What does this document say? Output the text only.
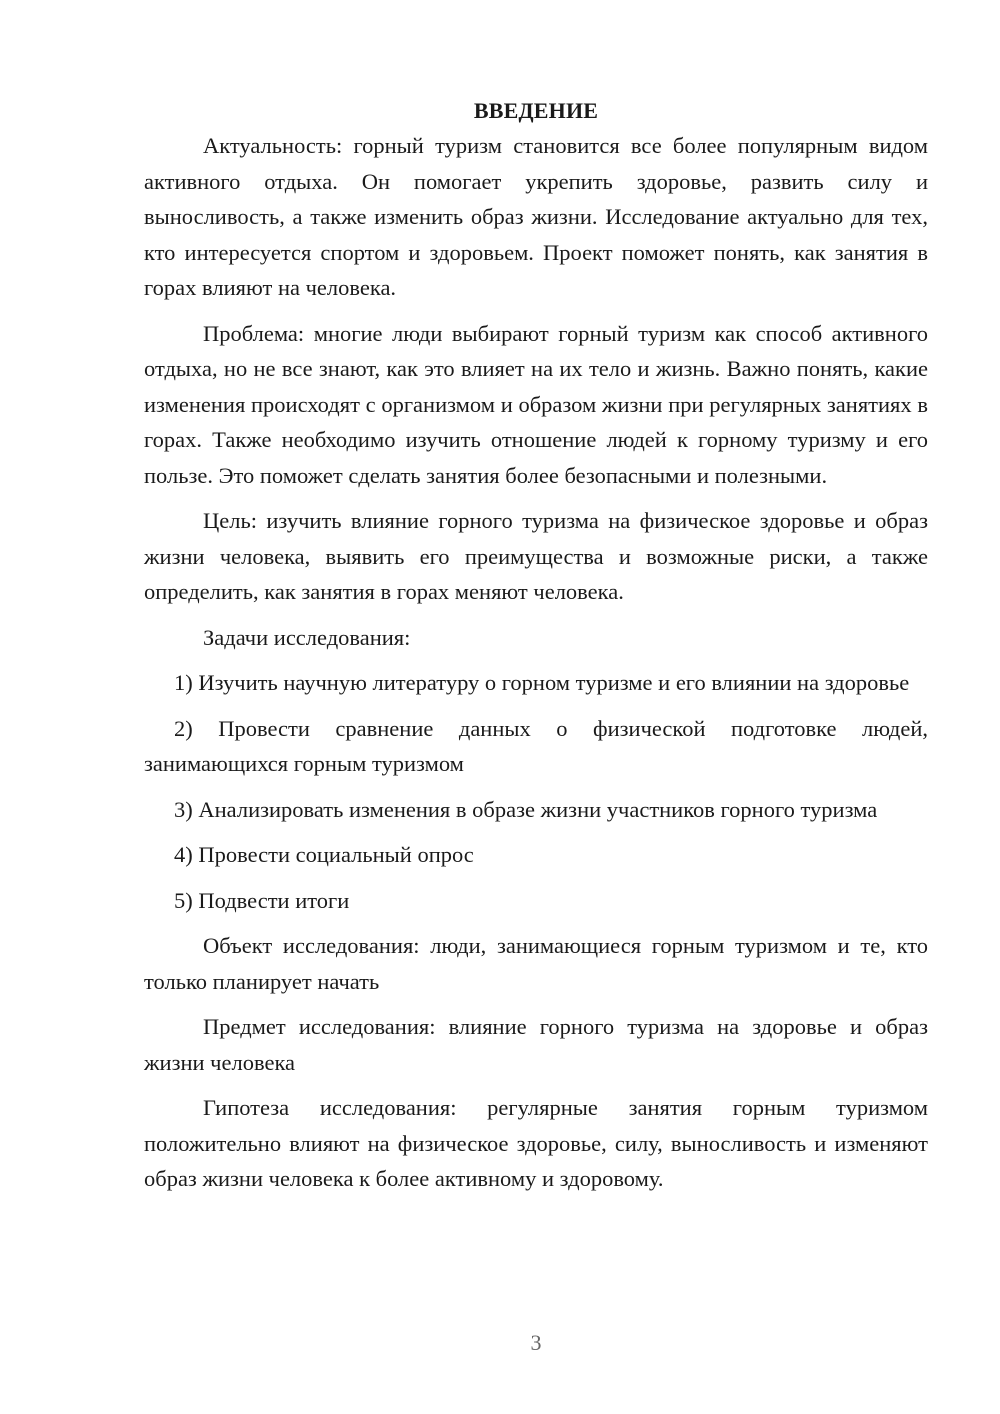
ВВЕДЕНИЕ

Актуальность: горный туризм становится все более популярным видом активного отдыха. Он помогает укрепить здоровье, развить силу и выносливость, а также изменить образ жизни. Исследование актуально для тех, кто интересуется спортом и здоровьем. Проект поможет понять, как занятия в горах влияют на человека.

Проблема: многие люди выбирают горный туризм как способ активного отдыха, но не все знают, как это влияет на их тело и жизнь. Важно понять, какие изменения происходят с организмом и образом жизни при регулярных занятиях в горах. Также необходимо изучить отношение людей к горному туризму и его пользе. Это поможет сделать занятия более безопасными и полезными.

Цель: изучить влияние горного туризма на физическое здоровье и образ жизни человека, выявить его преимущества и возможные риски, а также определить, как занятия в горах меняют человека.

Задачи исследования:

1) Изучить научную литературу о горном туризме и его влиянии на здоровье

2) Провести сравнение данных о физической подготовке людей, занимающихся горным туризмом

3) Анализировать изменения в образе жизни участников горного туризма

4) Провести социальный опрос

5) Подвести итоги

Объект исследования: люди, занимающиеся горным туризмом и те, кто только планирует начать

Предмет исследования: влияние горного туризма на здоровье и образ жизни человека

Гипотеза исследования: регулярные занятия горным туризмом положительно влияют на физическое здоровье, силу, выносливость и изменяют образ жизни человека к более активному и здоровому.

3
